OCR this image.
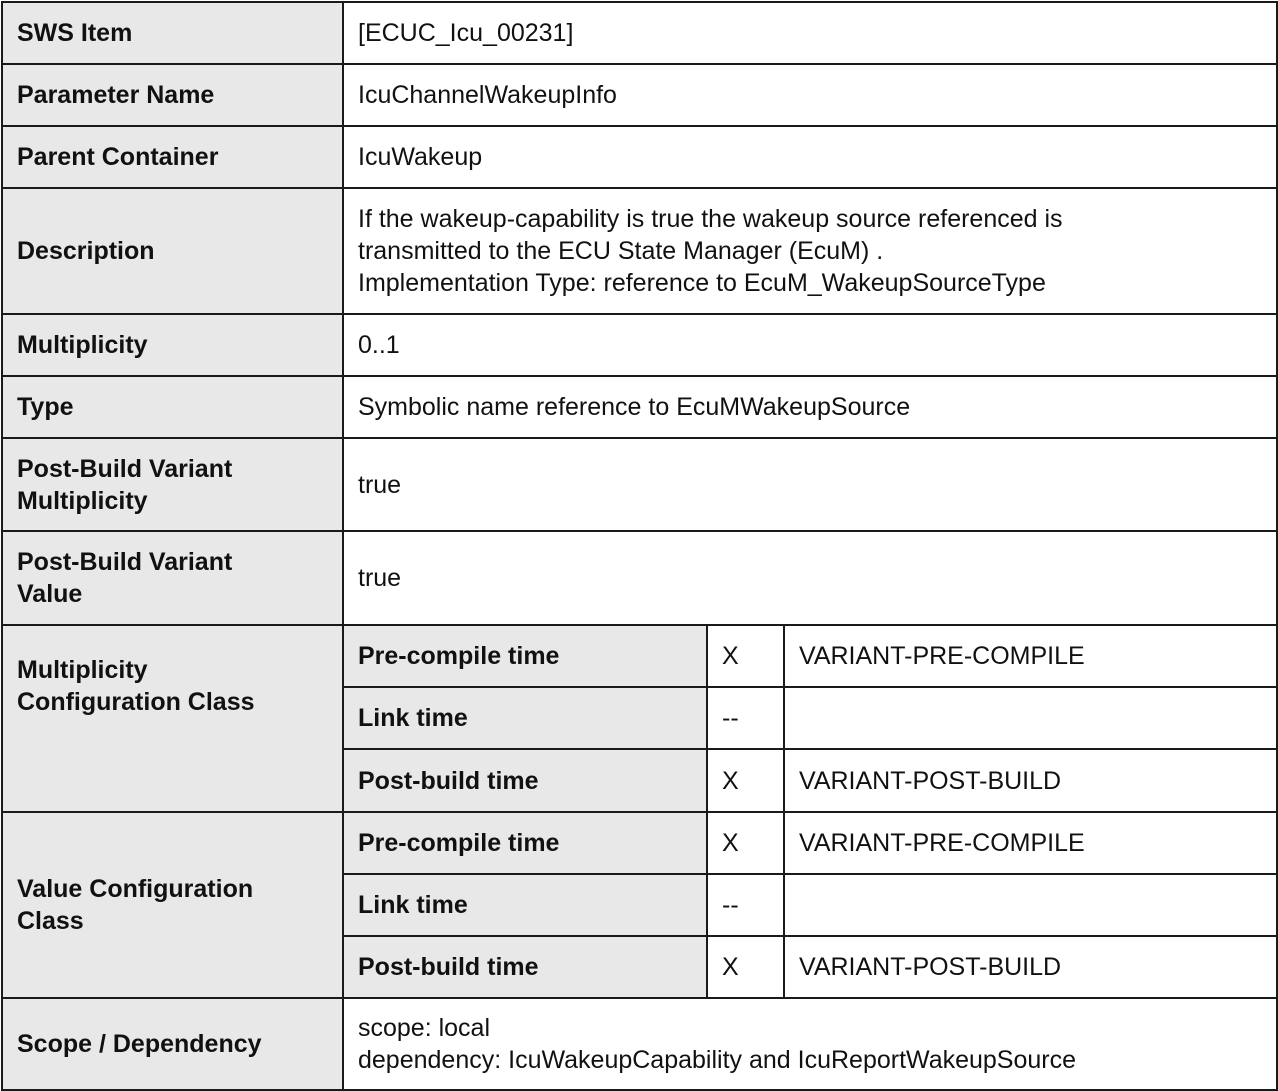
SWS Item	[ECUC_Icu_00231]		
Parameter Name	IcuChannelWakeupInfo		
Parent Container	IcuWakeup		
Description	If the wakeup-capability is true the wakeup source referenced is
transmitted to the ECU State Manager (EcuM) .
Implementation Type: reference to EcuM_WakeupSourceType		

Multiplicity	0..1		
Type	Symbolic name reference to EcuMWakeupSource		

Post-Build Variant
Multiplicity	true		

Post-Build Variant
Value	true		

Multiplicity
Configuration Class	Pre-compile time	X	VARIANT-PRE-COMPILE
	Link time	--	
	Post-build time	X	VARIANT-POST-BUILD

Value Configuration
Class	Pre-compile time	X	VARIANT-PRE-COMPILE
	Link time	--	
	Post-build time	X	VARIANT-POST-BUILD
Scope / Dependency	scope: local
dependency: IcuWakeupCapability and IcuReportWakeupSource		
